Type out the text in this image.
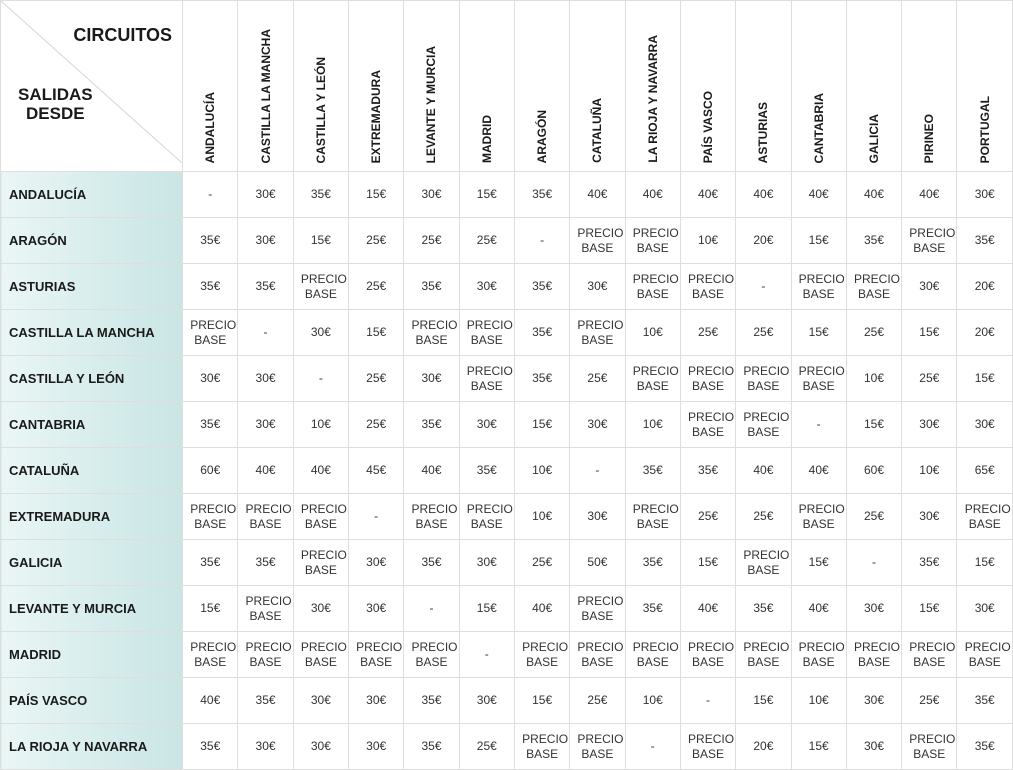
CIRCUITOS
SALIDAS
DESDE	ANDALUCÍA	CASTILLA LA MANCHA	CASTILLA Y LEÓN	EXTREMADURA	LEVANTE Y MURCIA	MADRID	ARAGÓN	CATALUÑA	LA RIOJA Y NAVARRA	PAÍS VASCO	ASTURIAS	CANTABRIA	GALICIA	PIRINEO	PORTUGAL

ANDALUCÍA	-	30€	35€	15€	30€	15€	35€	40€	40€	40€	40€	40€	40€	40€	30€
ARAGÓN	35€	30€	15€	25€	25€	25€	-	PRECIO BASE	PRECIO BASE	10€	20€	15€	35€	PRECIO BASE	35€
ASTURIAS	35€	35€	PRECIO BASE	25€	35€	30€	35€	30€	PRECIO BASE	PRECIO BASE	-	PRECIO BASE	PRECIO BASE	30€	20€
CASTILLA LA MANCHA	PRECIO BASE	-	30€	15€	PRECIO BASE	PRECIO BASE	35€	PRECIO BASE	10€	25€	25€	15€	25€	15€	20€
CASTILLA Y LEÓN	30€	30€	-	25€	30€	PRECIO BASE	35€	25€	PRECIO BASE	PRECIO BASE	PRECIO BASE	PRECIO BASE	10€	25€	15€
CANTABRIA	35€	30€	10€	25€	35€	30€	15€	30€	10€	PRECIO BASE	PRECIO BASE	-	15€	30€	30€
CATALUÑA	60€	40€	40€	45€	40€	35€	10€	-	35€	35€	40€	40€	60€	10€	65€
EXTREMADURA	PRECIO BASE	PRECIO BASE	PRECIO BASE	-	PRECIO BASE	PRECIO BASE	10€	30€	PRECIO BASE	25€	25€	PRECIO BASE	25€	30€	PRECIO BASE
GALICIA	35€	35€	PRECIO BASE	30€	35€	30€	25€	50€	35€	15€	PRECIO BASE	15€	-	35€	15€
LEVANTE Y MURCIA	15€	PRECIO BASE	30€	30€	-	15€	40€	PRECIO BASE	35€	40€	35€	40€	30€	15€	30€
MADRID	PRECIO BASE	PRECIO BASE	PRECIO BASE	PRECIO BASE	PRECIO BASE	-	PRECIO BASE	PRECIO BASE	PRECIO BASE	PRECIO BASE	PRECIO BASE	PRECIO BASE	PRECIO BASE	PRECIO BASE	PRECIO BASE
PAÍS VASCO	40€	35€	30€	30€	35€	30€	15€	25€	10€	-	15€	10€	30€	25€	35€
LA RIOJA Y NAVARRA	35€	30€	30€	30€	35€	25€	PRECIO BASE	PRECIO BASE	-	PRECIO BASE	20€	15€	30€	PRECIO BASE	35€
